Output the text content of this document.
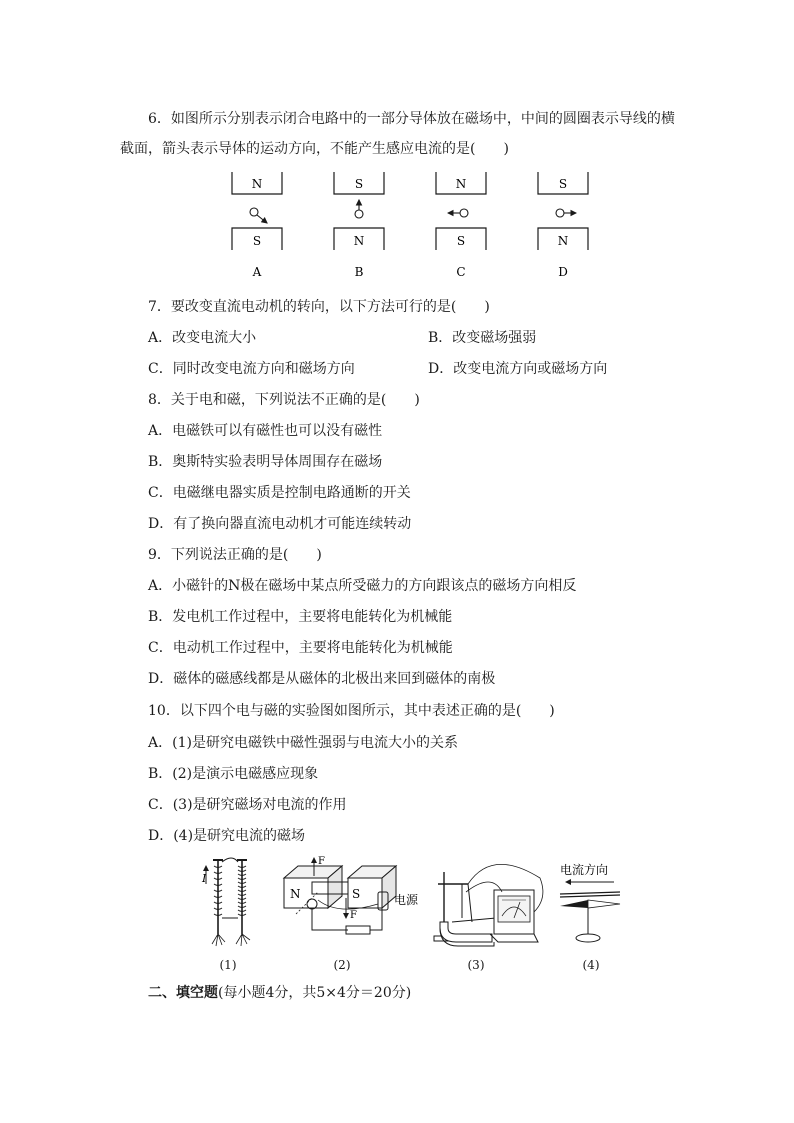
6．如图所示分别表示闭合电路中的一部分导体放在磁场中，中间的圆圈表示导线的横
截面，箭头表示导体的运动方向，不能产生感应电流的是(　　)
N
S
S
N
N
S
S
N
A	B	C	D
7．要改变直流电动机的转向，以下方法可行的是(　　)
A．改变电流大小	B．改变磁场强弱
C．同时改变电流方向和磁场方向	D．改变电流方向或磁场方向
8．关于电和磁，下列说法不正确的是(　　)
A．电磁铁可以有磁性也可以没有磁性
B．奥斯特实验表明导体周围存在磁场
C．电磁继电器实质是控制电路通断的开关
D．有了换向器直流电动机才可能连续转动
9．下列说法正确的是(　　)
A．小磁针的N极在磁场中某点所受磁力的方向跟该点的磁场方向相反
B．发电机工作过程中，主要将电能转化为机械能
C．电动机工作过程中，主要将电能转化为机械能
D．磁体的磁感线都是从磁体的北极出来回到磁体的南极
10．以下四个电与磁的实验图如图所示，其中表述正确的是(　　)
A．(1)是研究电磁铁中磁性强弱与电流大小的关系
B．(2)是演示电磁感应现象
C．(3)是研究磁场对电流的作用
D．(4)是研究电流的磁场
I
N	S
F
F
电源
电流方向
(1)	(2)	(3)	(4)
二、填空题(每小题4分，共5×4分＝20分)
